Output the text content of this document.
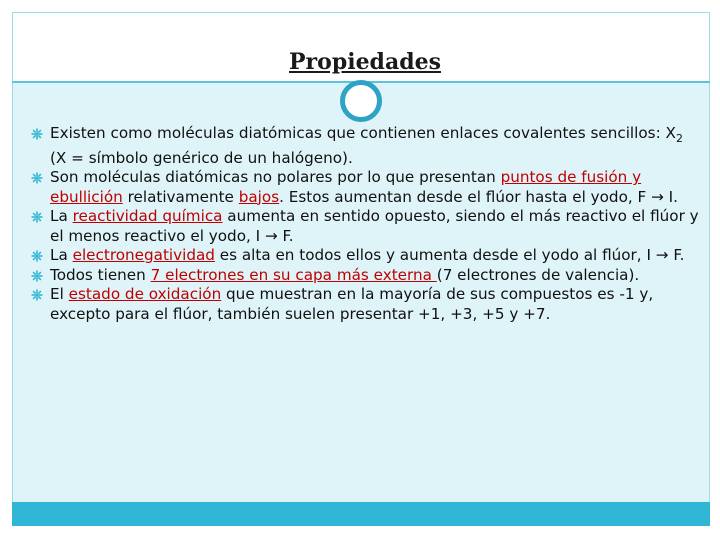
Propiedades
Existen como moléculas diatómicas que contienen enlaces covalentes sencillos: $X_2$ (X = símbolo genérico de un halógeno).
Son moléculas diatómicas no polares por lo que presentan puntos de fusión y ebullición relativamente bajos. Estos aumentan desde el flúor hasta el yodo, F → I.
La reactividad química aumenta en sentido opuesto, siendo el más reactivo el flúor y el menos reactivo el yodo, I → F.
La electronegatividad es alta en todos ellos y aumenta desde el yodo al flúor, I → F.
Todos tienen 7 electrones en su capa más externa (7 electrones de valencia).
El estado de oxidación que muestran en la mayoría de sus compuestos es -1 y, excepto para el flúor, también suelen presentar +1, +3, +5 y +7.
